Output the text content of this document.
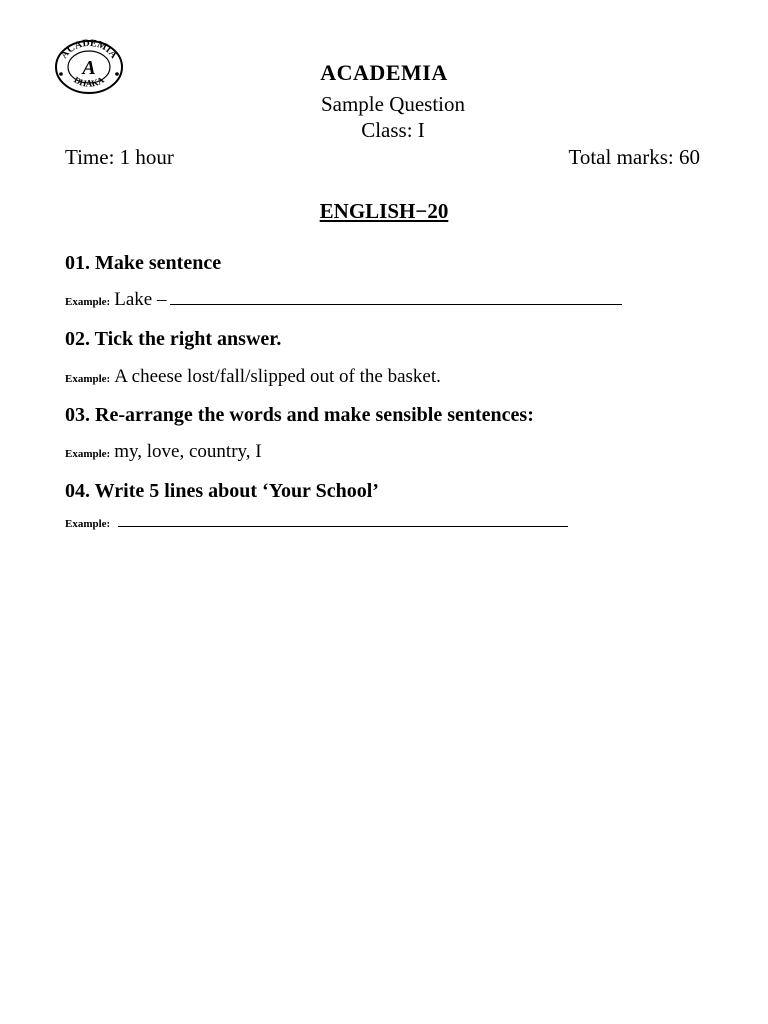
ACADEMIA
DHAKA
A	ACADEMIA
Sample Question
Class: I
Time: 1 hour	Total marks: 60
ENGLISH−20
01. Make sentence
Example: Lake –
02. Tick the right answer.
Example: A cheese lost/fall/slipped out of the basket.
03. Re-arrange the words and make sensible sentences:
Example: my, love, country, I
04. Write 5 lines about ‘Your School’
Example:
